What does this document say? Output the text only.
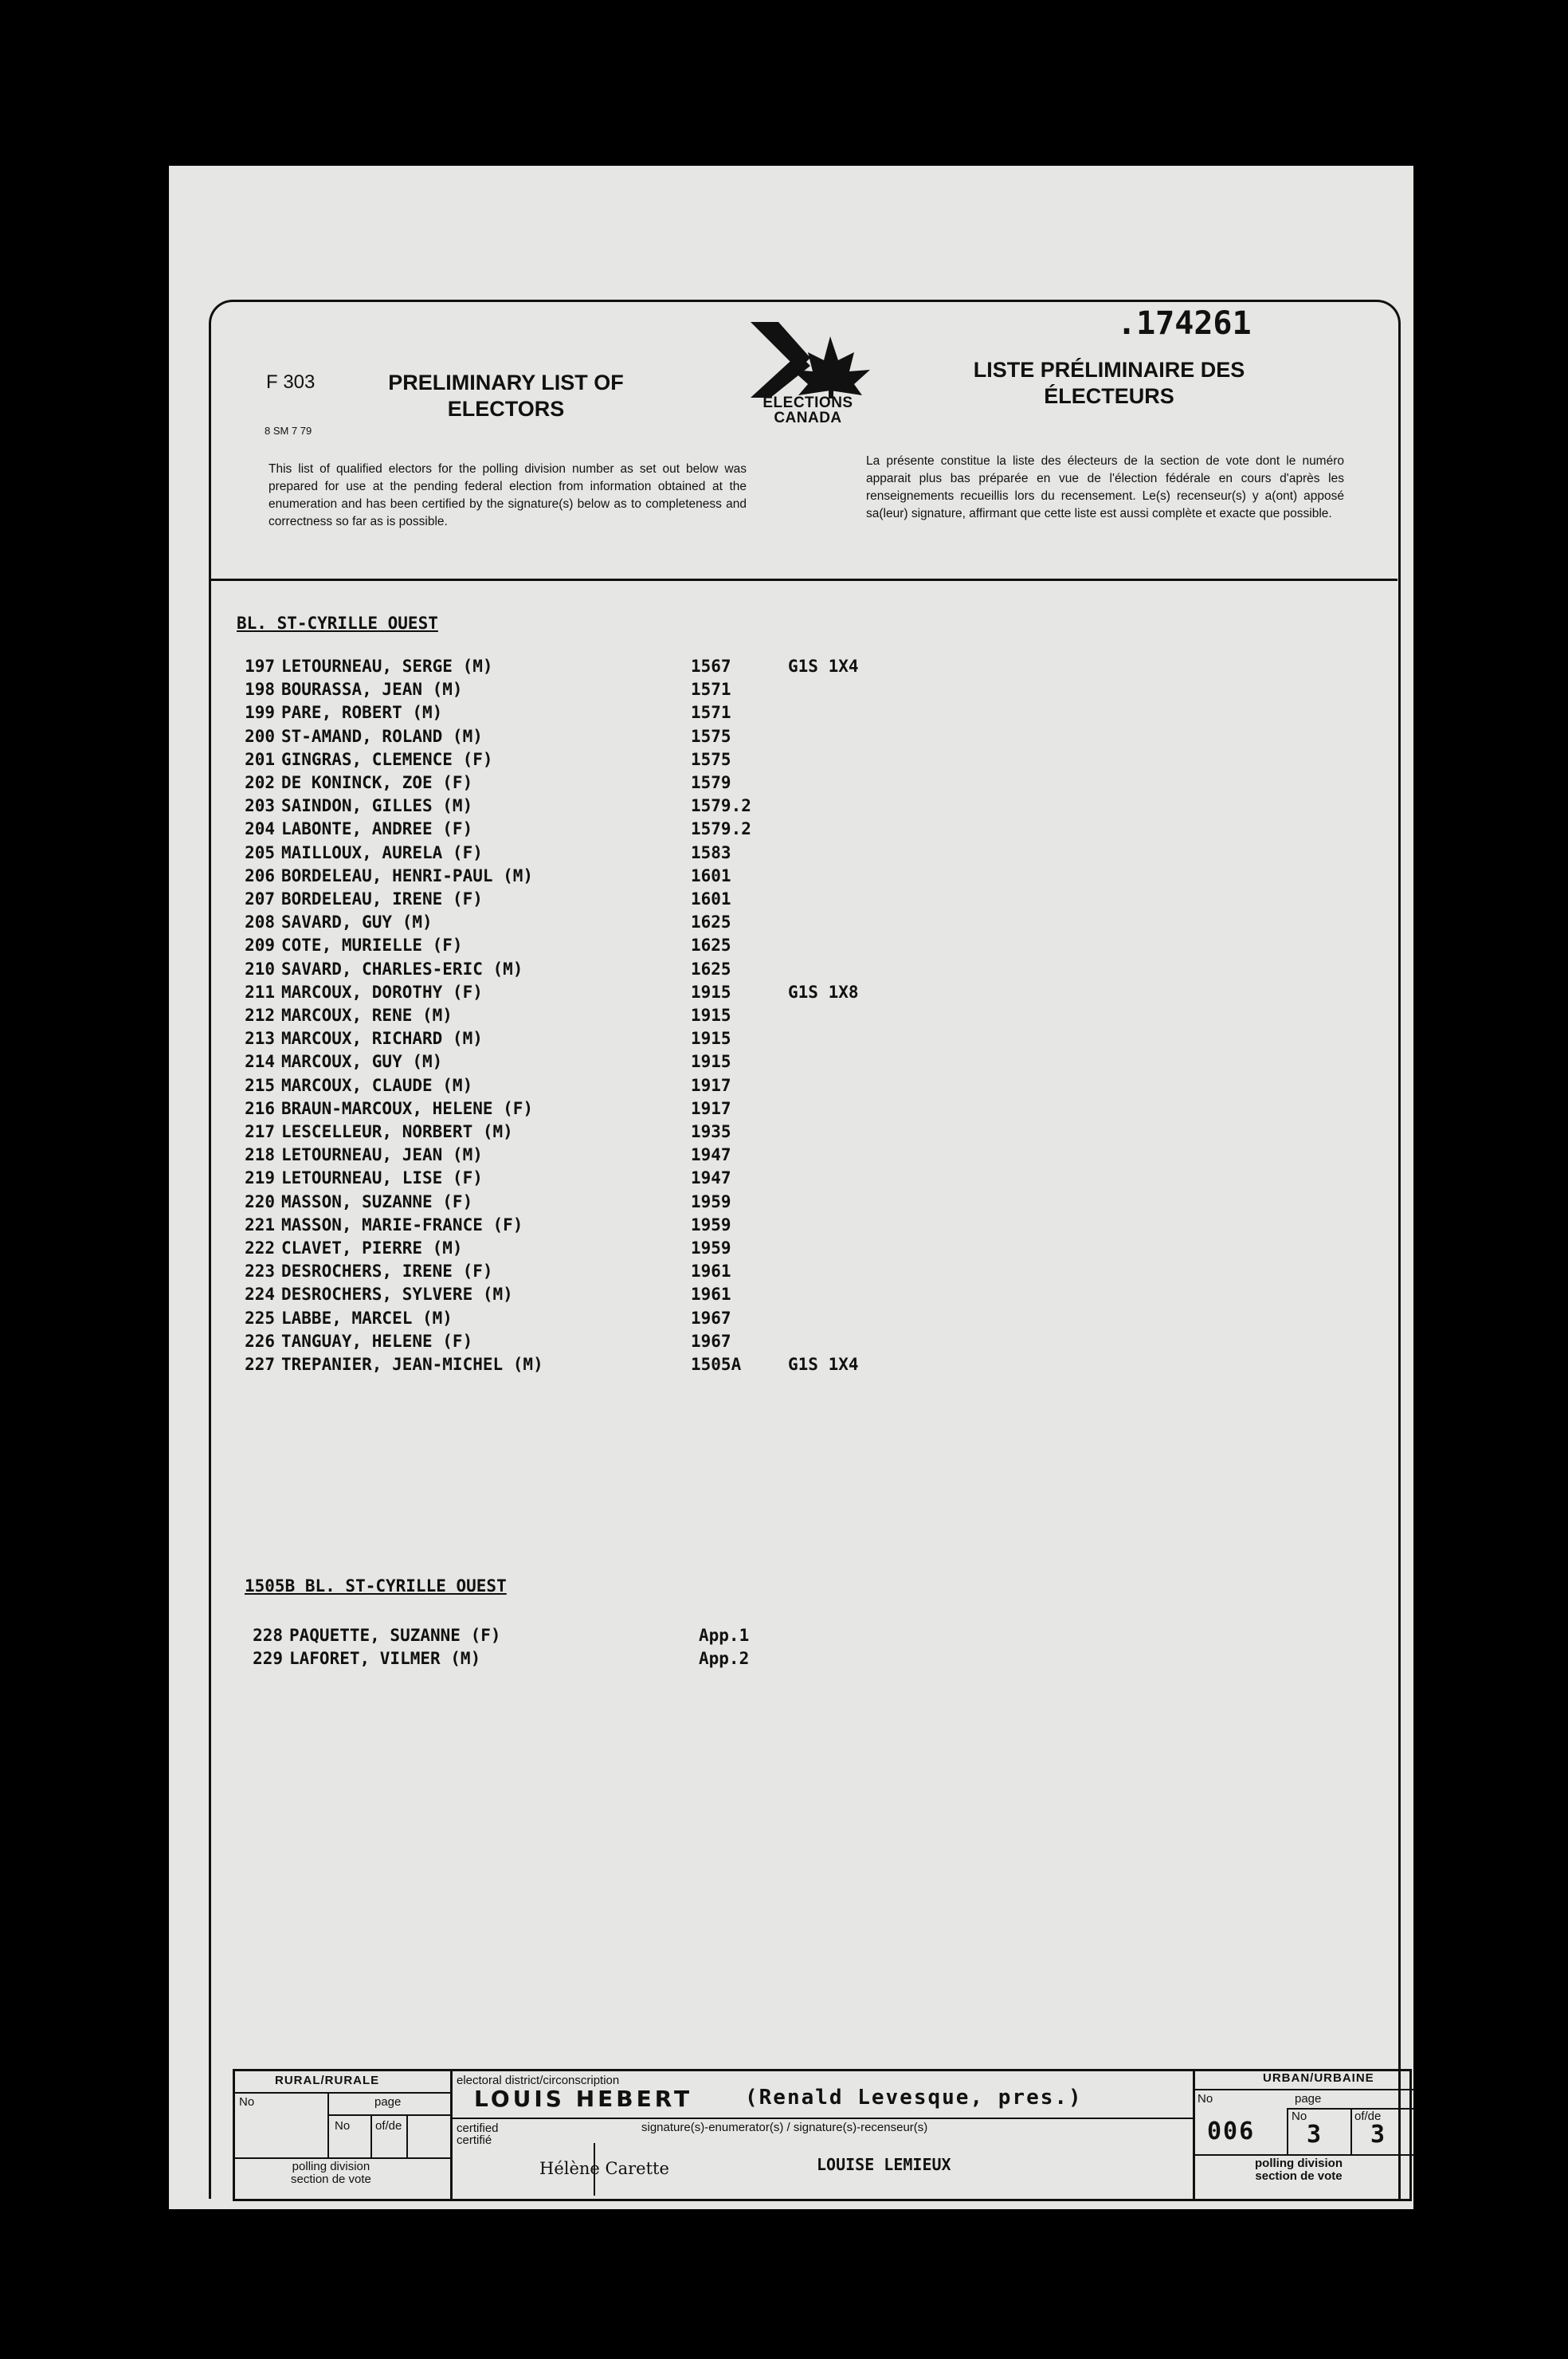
F 303	PRELIMINARY LIST OF ELECTORS
.174261
8 SM 7 79
ELECTIONS
CANADA
LISTE PRÉLIMINAIRE DES ÉLECTEURS
This list of qualified electors for the polling division number as set out below was prepared for use at the pending federal election from information obtained at the enumeration and has been certified by the signature(s) below as to completeness and correctness so far as is possible.
La présente constitue la liste des électeurs de la section de vote dont le numéro apparait plus bas préparée en vue de l'élection fédérale en cours d'après les renseignements recueillis lors du recensement. Le(s) recenseur(s) y a(ont) apposé sa(leur) signature, affirmant que cette liste est aussi complète et exacte que possible.
BL. ST-CYRILLE OUEST
197 LETOURNEAU, SERGE (M)	1567	G1S 1X4
198 BOURASSA, JEAN (M)	1571
199 PARE, ROBERT (M)	1571
200 ST-AMAND, ROLAND (M)	1575
201 GINGRAS, CLEMENCE (F)	1575
202 DE KONINCK, ZOE (F)	1579
203 SAINDON, GILLES (M)	1579.2
204 LABONTE, ANDREE (F)	1579.2
205 MAILLOUX, AURELA (F)	1583
206 BORDELEAU, HENRI-PAUL (M)	1601
207 BORDELEAU, IRENE (F)	1601
208 SAVARD, GUY (M)	1625
209 COTE, MURIELLE (F)	1625
210 SAVARD, CHARLES-ERIC (M)	1625
211 MARCOUX, DOROTHY (F)	1915	G1S 1X8
212 MARCOUX, RENE (M)	1915
213 MARCOUX, RICHARD (M)	1915
214 MARCOUX, GUY (M)	1915
215 MARCOUX, CLAUDE (M)	1917
216 BRAUN-MARCOUX, HELENE (F)	1917
217 LESCELLEUR, NORBERT (M)	1935
218 LETOURNEAU, JEAN (M)	1947
219 LETOURNEAU, LISE (F)	1947
220 MASSON, SUZANNE (F)	1959
221 MASSON, MARIE-FRANCE (F)	1959
222 CLAVET, PIERRE (M)	1959
223 DESROCHERS, IRENE (F)	1961
224 DESROCHERS, SYLVERE (M)	1961
225 LABBE, MARCEL (M)	1967
226 TANGUAY, HELENE (F)	1967
227 TREPANIER, JEAN-MICHEL (M)	1505A	G1S 1X4
1505B BL. ST-CYRILLE OUEST
228 PAQUETTE, SUZANNE (F)	App.1
229 LAFORET, VILMER (M)	App.2
RURAL/RURALE
No	page
No of/de
polling division
section de vote
electoral district/circonscription
LOUIS HEBERT	(Renald Levesque, pres.)
certified
certifié
signature(s)-enumerator(s) / signature(s)-recenseur(s)
Hélène Carette	LOUISE LEMIEUX
URBAN/URBAINE
No	page
No	of/de
006 3 3
polling division
section de vote
